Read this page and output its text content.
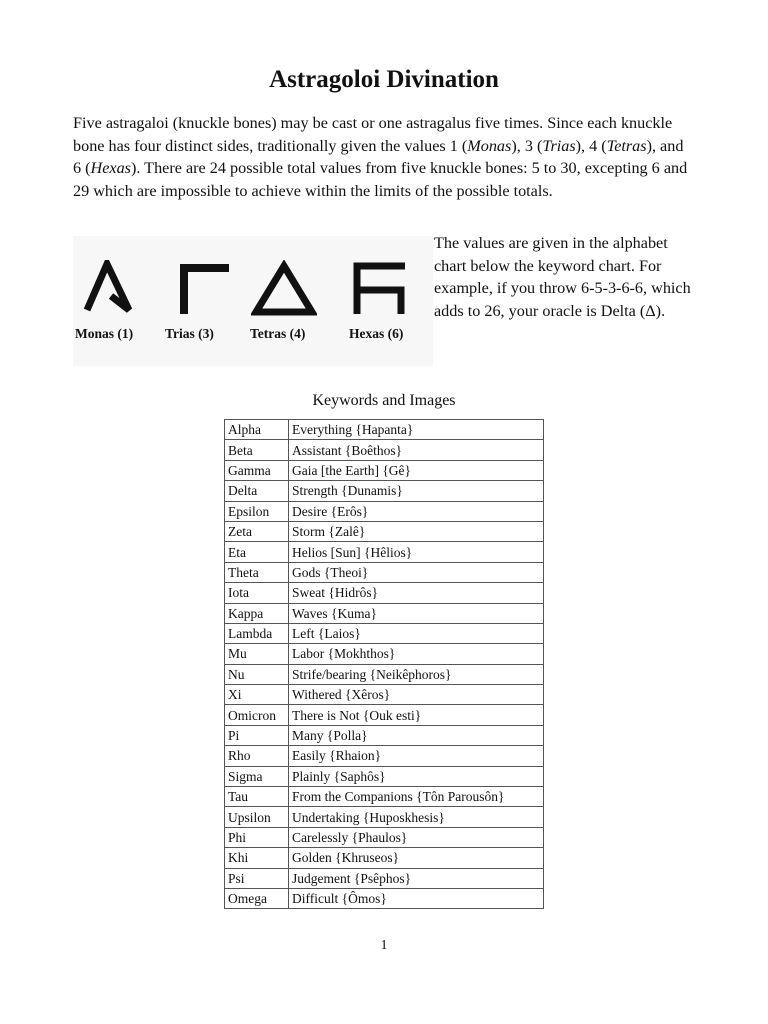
Astragoloi Divination

Five astragaloi (knuckle bones) may be cast or one astragalus five times. Since each knuckle bone has four distinct sides, traditionally given the values 1 (Monas), 3 (Trias), 4 (Tetras), and 6 (Hexas). There are 24 possible total values from five knuckle bones: 5 to 30, excepting 6 and 29 which are impossible to achieve within the limits of the possible totals.

Monas (1) Trias (3)	Tetras (4)	Hexas (6)

The values are given in the alphabet chart below the keyword chart. For example, if you throw 6-5-3-6-6, which adds to 26, your oracle is Delta (Δ).

Keywords and Images

Alpha	Everything {Hapanta}
Beta	Assistant {Boêthos}
Gamma	Gaia [the Earth] {Gê}
Delta	Strength {Dunamis}
Epsilon	Desire {Erôs}
Zeta	Storm {Zalê}
Eta	Helios [Sun] {Hêlios}
Theta	Gods {Theoi}
Iota	Sweat {Hidrôs}
Kappa	Waves {Kuma}
Lambda	Left {Laios}
Mu	Labor {Mokhthos}
Nu	Strife/bearing {Neikêphoros}
Xi	Withered {Xêros}
Omicron	There is Not {Ouk esti}
Pi	Many {Polla}
Rho	Easily {Rhaion}
Sigma	Plainly {Saphôs}
Tau	From the Companions {Tôn Parousôn}
Upsilon	Undertaking {Huposkhesis}
Phi	Carelessly {Phaulos}
Khi	Golden {Khruseos}
Psi	Judgement {Psêphos}
Omega	Difficult {Ômos}

1
